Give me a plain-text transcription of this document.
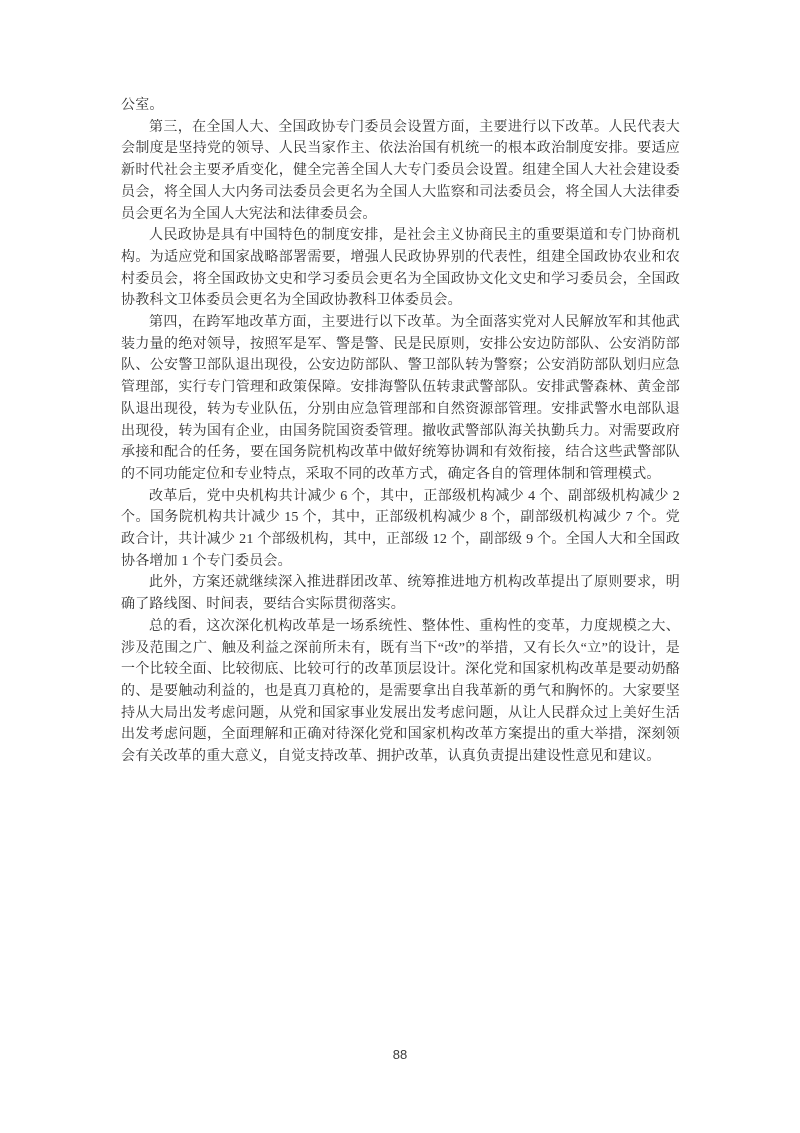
公室。

第三，在全国人大、全国政协专门委员会设置方面，主要进行以下改革。人民代表大会制度是坚持党的领导、人民当家作主、依法治国有机统一的根本政治制度安排。要适应新时代社会主要矛盾变化，健全完善全国人大专门委员会设置。组建全国人大社会建设委员会，将全国人大内务司法委员会更名为全国人大监察和司法委员会，将全国人大法律委员会更名为全国人大宪法和法律委员会。

人民政协是具有中国特色的制度安排，是社会主义协商民主的重要渠道和专门协商机构。为适应党和国家战略部署需要，增强人民政协界别的代表性，组建全国政协农业和农村委员会，将全国政协文史和学习委员会更名为全国政协文化文史和学习委员会，全国政协教科文卫体委员会更名为全国政协教科卫体委员会。

第四，在跨军地改革方面，主要进行以下改革。为全面落实党对人民解放军和其他武装力量的绝对领导，按照军是军、警是警、民是民原则，安排公安边防部队、公安消防部队、公安警卫部队退出现役，公安边防部队、警卫部队转为警察；公安消防部队划归应急管理部，实行专门管理和政策保障。安排海警队伍转隶武警部队。安排武警森林、黄金部队退出现役，转为专业队伍，分别由应急管理部和自然资源部管理。安排武警水电部队退出现役，转为国有企业，由国务院国资委管理。撤收武警部队海关执勤兵力。对需要政府承接和配合的任务，要在国务院机构改革中做好统筹协调和有效衔接，结合这些武警部队的不同功能定位和专业特点，采取不同的改革方式，确定各自的管理体制和管理模式。

改革后，党中央机构共计减少 6 个，其中，正部级机构减少 4 个、副部级机构减少 2 个。国务院机构共计减少 15 个，其中，正部级机构减少 8 个，副部级机构减少 7 个。党政合计，共计减少 21 个部级机构，其中，正部级 12 个，副部级 9 个。全国人大和全国政协各增加 1 个专门委员会。

此外，方案还就继续深入推进群团改革、统筹推进地方机构改革提出了原则要求，明确了路线图、时间表，要结合实际贯彻落实。

总的看，这次深化机构改革是一场系统性、整体性、重构性的变革，力度规模之大、涉及范围之广、触及利益之深前所未有，既有当下“改”的举措，又有长久“立”的设计，是一个比较全面、比较彻底、比较可行的改革顶层设计。深化党和国家机构改革是要动奶酪的、是要触动利益的，也是真刀真枪的，是需要拿出自我革新的勇气和胸怀的。大家要坚持从大局出发考虑问题，从党和国家事业发展出发考虑问题，从让人民群众过上美好生活出发考虑问题，全面理解和正确对待深化党和国家机构改革方案提出的重大举措，深刻领会有关改革的重大意义，自觉支持改革、拥护改革，认真负责提出建设性意见和建议。

88
